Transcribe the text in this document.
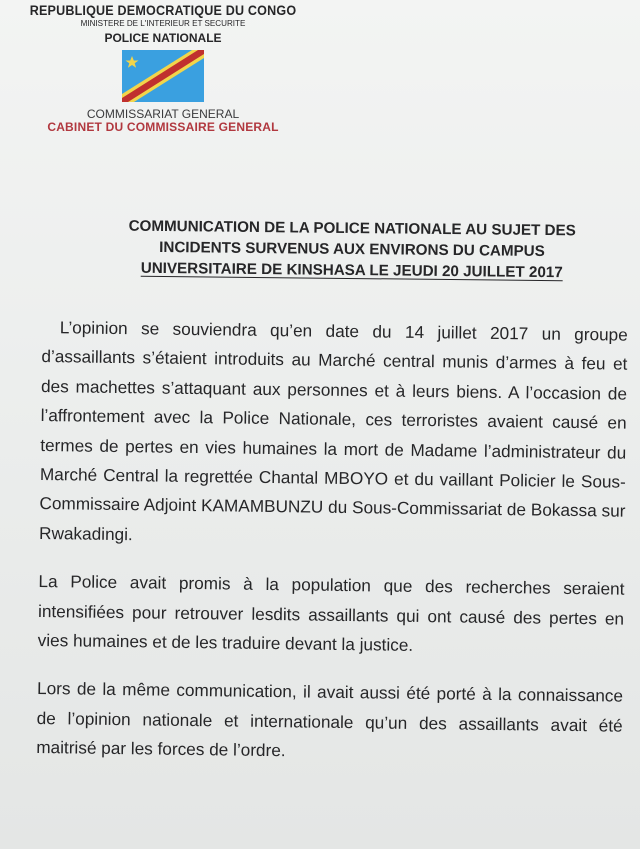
REPUBLIQUE DEMOCRATIQUE DU CONGO
MINISTERE DE L'INTERIEUR ET SECURITE
POLICE NATIONALE
COMMISSARIAT GENERAL
CABINET DU COMMISSAIRE GENERAL
COMMUNICATION DE LA POLICE NATIONALE AU SUJET DES
INCIDENTS SURVENUS AUX ENVIRONS DU CAMPUS
UNIVERSITAIRE DE KINSHASA LE JEUDI 20 JUILLET 2017

L’opinion se souviendra qu’en date du 14 juillet 2017 un groupe d’assaillants s’étaient introduits au Marché central munis d’armes à feu et des machettes s’attaquant aux personnes et à leurs biens. A l’occasion de l’affrontement avec la Police Nationale, ces terroristes avaient causé en termes de pertes en vies humaines la mort de Madame l’administrateur du Marché Central la regrettée Chantal MBOYO et du vaillant Policier le Sous-Commissaire Adjoint KAMAMBUNZU du Sous-Commissariat de Bokassa sur Rwakadingi.

La Police avait promis à la population que des recherches seraient intensifiées pour retrouver lesdits assaillants qui ont causé des pertes en vies humaines et de les traduire devant la justice.

Lors de la même communication, il avait aussi été porté à la connaissance de l’opinion nationale et internationale qu’un des assaillants avait été maitrisé par les forces de l’ordre.
